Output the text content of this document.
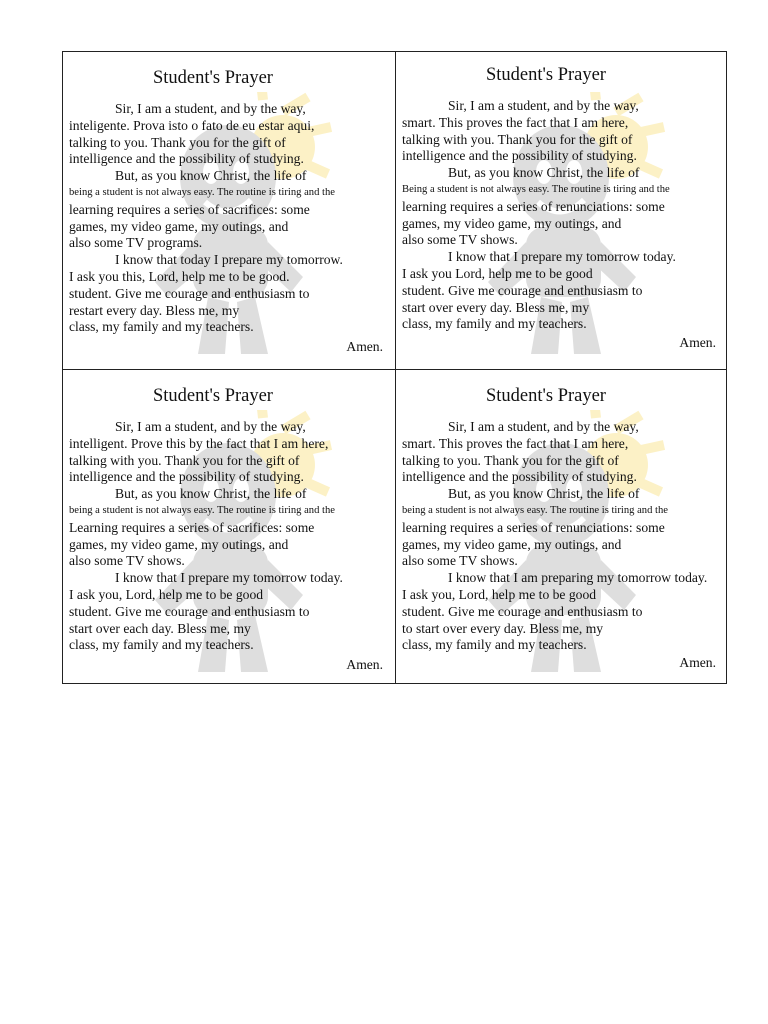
Student's Prayer
Sir, I am a student, and by the way,
inteligente. Prova isto o fato de eu estar aqui,
talking to you. Thank you for the gift of
intelligence and the possibility of studying.
But, as you know Christ, the life of
being a student is not always easy. The routine is tiring and the
learning requires a series of sacrifices: some
games, my video game, my outings, and
also some TV programs.
I know that today I prepare my tomorrow.
I ask you this, Lord, help me to be good.
student. Give me courage and enthusiasm to
restart every day. Bless me, my
class, my family and my teachers.
Amen.
Student's Prayer
Sir, I am a student, and by the way,
smart. This proves the fact that I am here,
talking with you. Thank you for the gift of
intelligence and the possibility of studying.
But, as you know Christ, the life of
Being a student is not always easy. The routine is tiring and the
learning requires a series of renunciations: some
games, my video game, my outings, and
also some TV shows.
I know that I prepare my tomorrow today.
I ask you Lord, help me to be good
student. Give me courage and enthusiasm to
start over every day. Bless me, my
class, my family and my teachers.
Amen.
Student's Prayer
Sir, I am a student, and by the way,
intelligent. Prove this by the fact that I am here,
talking with you. Thank you for the gift of
intelligence and the possibility of studying.
But, as you know Christ, the life of
being a student is not always easy. The routine is tiring and the
Learning requires a series of sacrifices: some
games, my video game, my outings, and
also some TV shows.
I know that I prepare my tomorrow today.
I ask you, Lord, help me to be good
student. Give me courage and enthusiasm to
start over each day. Bless me, my
class, my family and my teachers.
Amen.
Student's Prayer
Sir, I am a student, and by the way,
smart. This proves the fact that I am here,
talking to you. Thank you for the gift of
intelligence and the possibility of studying.
But, as you know Christ, the life of
being a student is not always easy. The routine is tiring and the
learning requires a series of renunciations: some
games, my video game, my outings, and
also some TV shows.
I know that I am preparing my tomorrow today.
I ask you, Lord, help me to be good
student. Give me courage and enthusiasm to
to start over every day. Bless me, my
class, my family and my teachers.
Amen.
